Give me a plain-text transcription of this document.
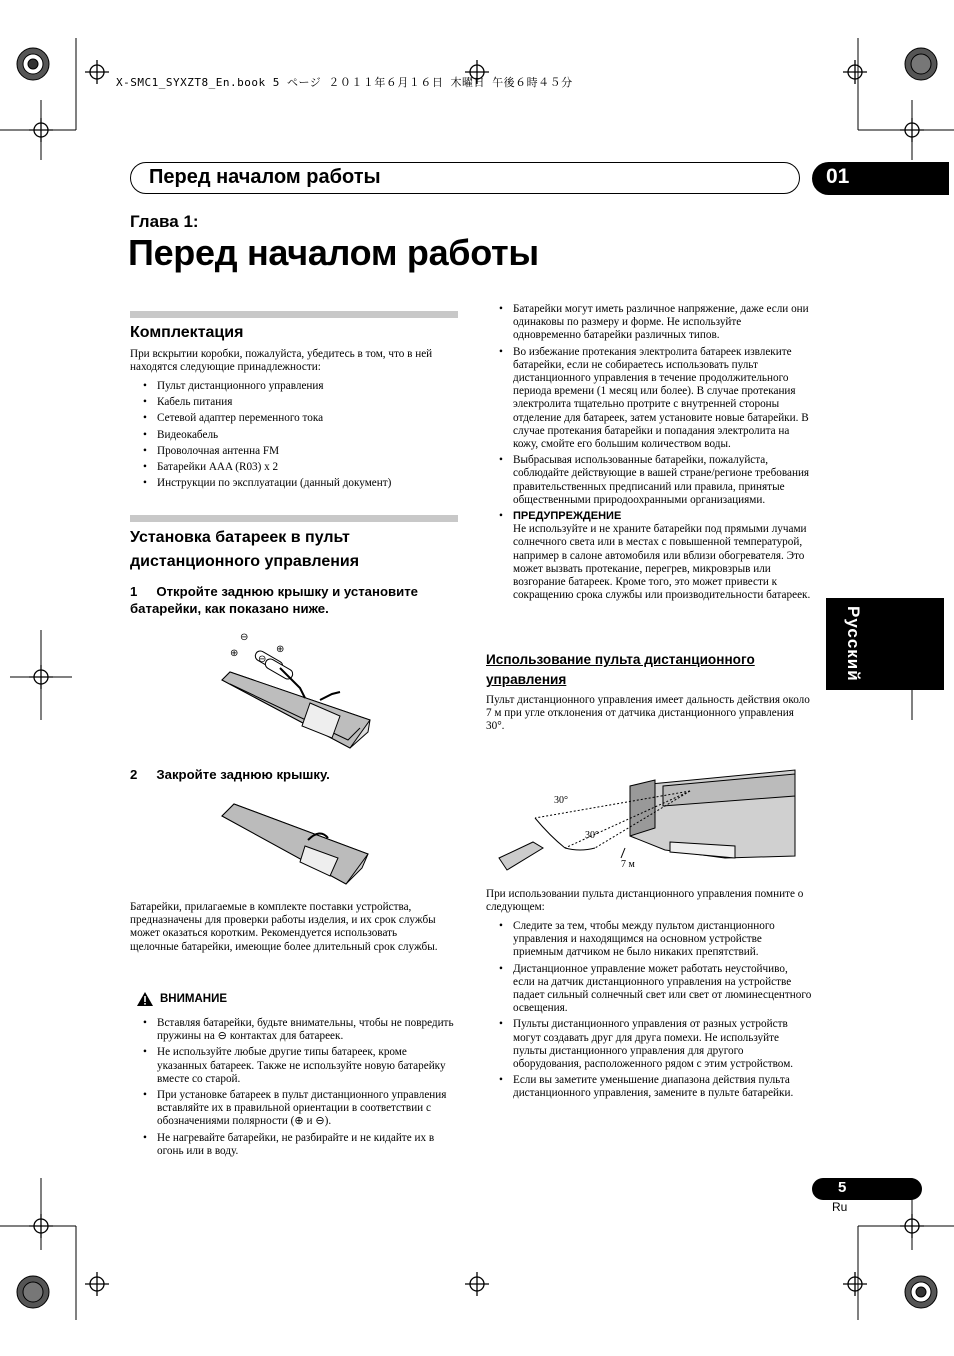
X-SMC1_SYXZT8_En.book 5 ページ ２０１１年６月１６日 木曜日 午後６時４５分
Перед началом работы	01
Глава 1:
Перед началом работы
Комплектация
При вскрытии коробки, пожалуйста, убедитесь в том, что в ней находятся следующие принадлежности:
• Пульт дистанционного управления
• Кабель питания
• Сетевой адаптер переменного тока
• Видеокабель
• Проволочная антенна FM
• Батарейки AAA (R03) x 2
• Инструкции по эксплуатации (данный документ)
Установка батареек в пульт
дистанционного управления
1 Откройте заднюю крышку и установите
батарейки, как показано ниже.
⊖
⊕
⊖
⊕
2 Закройте заднюю крышку.
Батарейки, прилагаемые в комплекте поставки устройства, предназначены для проверки работы изделия, и их срок службы может оказаться коротким. Рекомендуется использовать щелочные батарейки, имеющие более длительный срок службы.
ВНИМАНИЕ
• Вставляя батарейки, будьте внимательны, чтобы не повредить пружины на ⊖ контактах для батареек.
• Не используйте любые другие типы батареек, кроме указанных батареек. Также не используйте новую батарейку вместе со старой.
• При установке батареек в пульт дистанционного управления вставляйте их в правильной ориентации в соответствии с обозначениями полярности (⊕ и ⊖).
• Не нагревайте батарейки, не разбирайте и не кидайте их в огонь или в воду.
• Батарейки могут иметь различное напряжение, даже если они одинаковы по размеру и форме. Не используйте одновременно батарейки различных типов.
• Во избежание протекания электролита батареек извлеките батарейки, если не собираетесь использовать пульт дистанционного управления в течение продолжительного периода времени (1 месяц или более). В случае протекания электролита тщательно протрите с внутренней стороны отделение для батареек, затем установите новые батарейки. В случае протекания батарейки и попадания электролита на кожу, смойте его большим количеством воды.
• Выбрасывая использованные батарейки, пожалуйста, соблюдайте действующие в вашей стране/регионе требования правительственных предписаний или правила, принятые общественными природоохранными организациями.
• ПРЕДУПРЕЖДЕНИЕ
Не используйте и не храните батарейки под прямыми лучами солнечного света или в местах с повышенной температурой, например в салоне автомобиля или вблизи обогревателя. Это может вызвать протекание, перегрев, микровзрыв или возгорание батареек. Кроме того, это может привести к сокращению срока службы или производительности батареек.
Использование пульта дистанционного
управления
Пульт дистанционного управления имеет дальность действия около 7 м при угле отклонения от датчика дистанционного управления 30°.
30°
30°
7 м
При использовании пульта дистанционного управления помните о следующем:
• Следите за тем, чтобы между пультом дистанционного управления и находящимся на основном устройстве приемным датчиком не было никаких препятствий.
• Дистанционное управление может работать неустойчиво, если на датчик дистанционного управления на устройстве падает сильный солнечный свет или свет от люминесцентного освещения.
• Пульты дистанционного управления от разных устройств могут создавать друг для друга помехи. Не используйте пульты дистанционного управления для другого оборудования, расположенного рядом с этим устройством.
• Если вы заметите уменьшение диапазона действия пульта дистанционного управления, замените в пульте батарейки.
Русский
5
Ru
